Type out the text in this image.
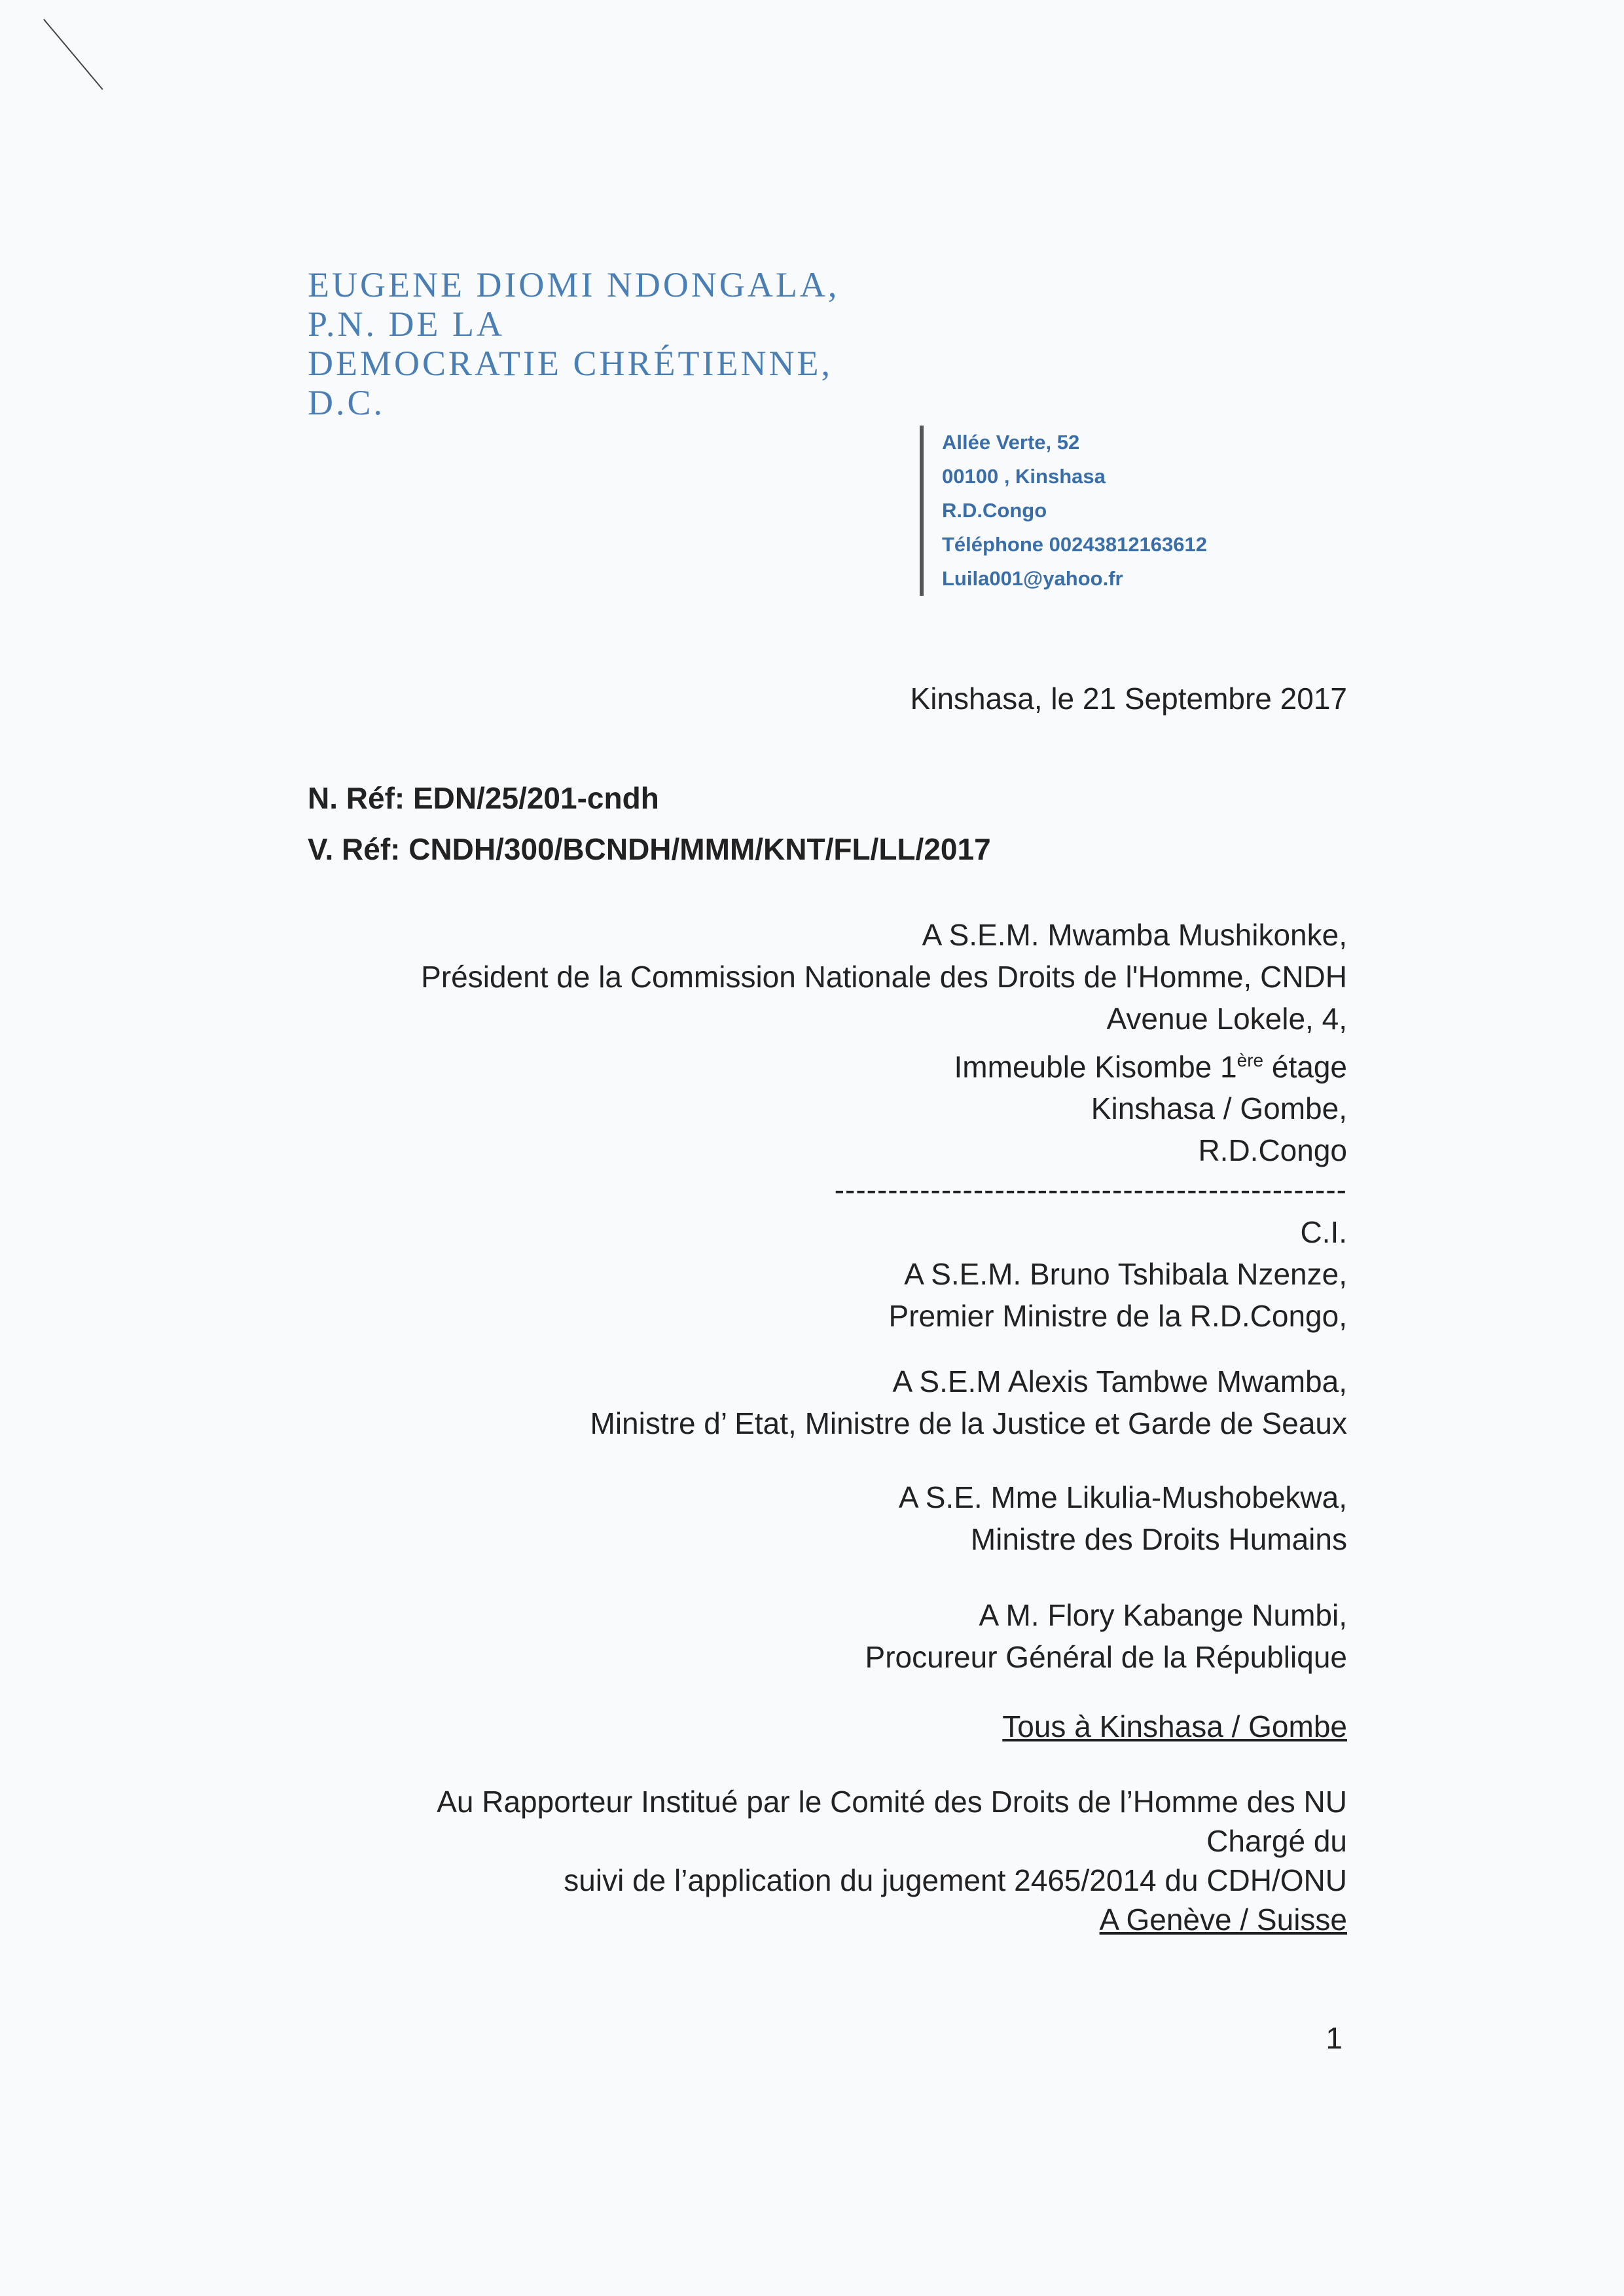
EUGENE DIOMI NDONGALA,
P.N. DE LA
DEMOCRATIE CHRÉTIENNE,
D.C.
Allée Verte, 52
00100 , Kinshasa
R.D.Congo
Téléphone 00243812163612
Luila001@yahoo.fr
Kinshasa, le 21 Septembre 2017
N. Réf: EDN/25/201-cndh
V. Réf: CNDH/300/BCNDH/MMM/KNT/FL/LL/2017
A S.E.M. Mwamba Mushikonke,
Président de la Commission Nationale des Droits de l'Homme, CNDH
Avenue Lokele, 4,
Immeuble Kisombe 1ère étage
Kinshasa / Gombe,
R.D.Congo
------------------------------------------------
C.I.
A S.E.M. Bruno Tshibala Nzenze,
Premier Ministre de la R.D.Congo,
A S.E.M Alexis Tambwe Mwamba,
Ministre d’ Etat, Ministre de la Justice et Garde de Seaux
A S.E. Mme Likulia-Mushobekwa,
Ministre des Droits Humains
A M. Flory Kabange Numbi,
Procureur Général de la République
Tous à Kinshasa / Gombe
Au Rapporteur Institué par le Comité des Droits de l’Homme des NU
Chargé du
suivi de l’application du jugement 2465/2014 du CDH/ONU
A Genève / Suisse
1
